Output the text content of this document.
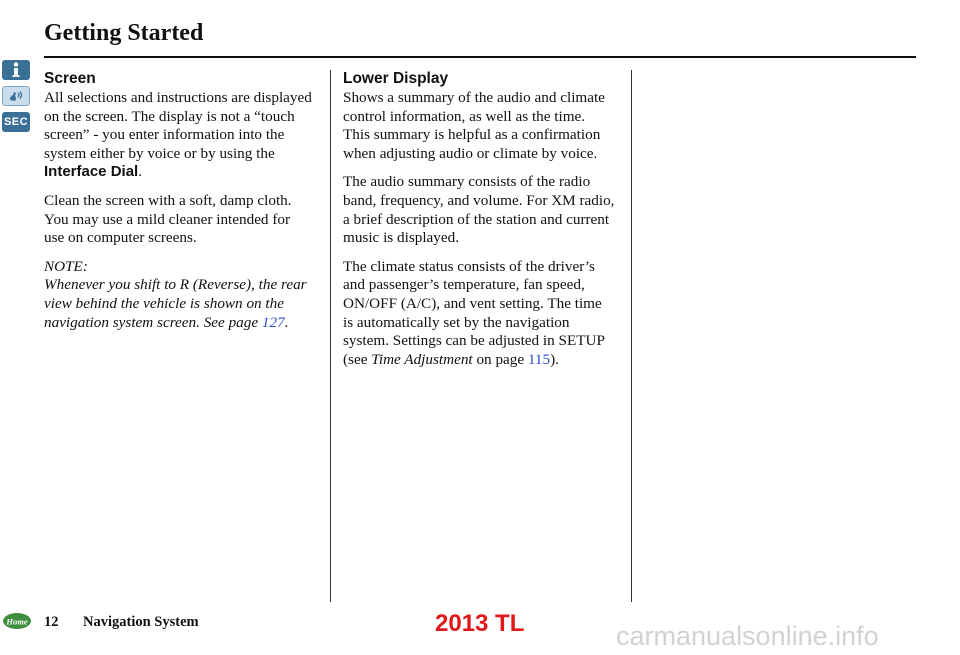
Getting Started
SEC
Screen

All selections and instructions are displayed on the screen. The display is not a “touch screen” - you enter information into the system either by voice or by using the Interface Dial.

Clean the screen with a soft, damp cloth. You may use a mild cleaner intended for use on computer screens.

NOTE:
Whenever you shift to R (Reverse), the rear view behind the vehicle is shown on the navigation system screen. See page 127.
Lower Display

Shows a summary of the audio and climate control information, as well as the time. This summary is helpful as a confirmation when adjusting audio or climate by voice.

The audio summary consists of the radio band, frequency, and volume. For XM radio, a brief description of the station and current music is displayed.

The climate status consists of the driver’s and passenger’s temperature, fan speed, ON/OFF (A/C), and vent setting. The time is automatically set by the navigation system. Settings can be adjusted in SETUP (see Time Adjustment on page 115).

Home 12 Navigation System	2013 TL	carmanualsonline.info
